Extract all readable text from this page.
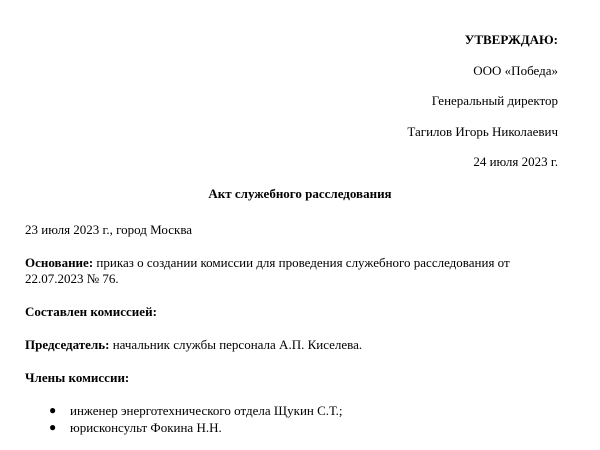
УТВЕРЖДАЮ:
ООО «Победа»
Генеральный директор
Тагилов Игорь Николаевич
24 июля 2023 г.
Акт служебного расследования
23 июля 2023 г., город Москва
Основание: приказ о создании комиссии для проведения служебного расследования от 22.07.2023 № 76.
Составлен комиссией:
Председатель: начальник службы персонала А.П. Киселева.
Члены комиссии:
● инженер энерготехнического отдела Щукин С.Т.;
● юрисконсульт Фокина Н.Н.
